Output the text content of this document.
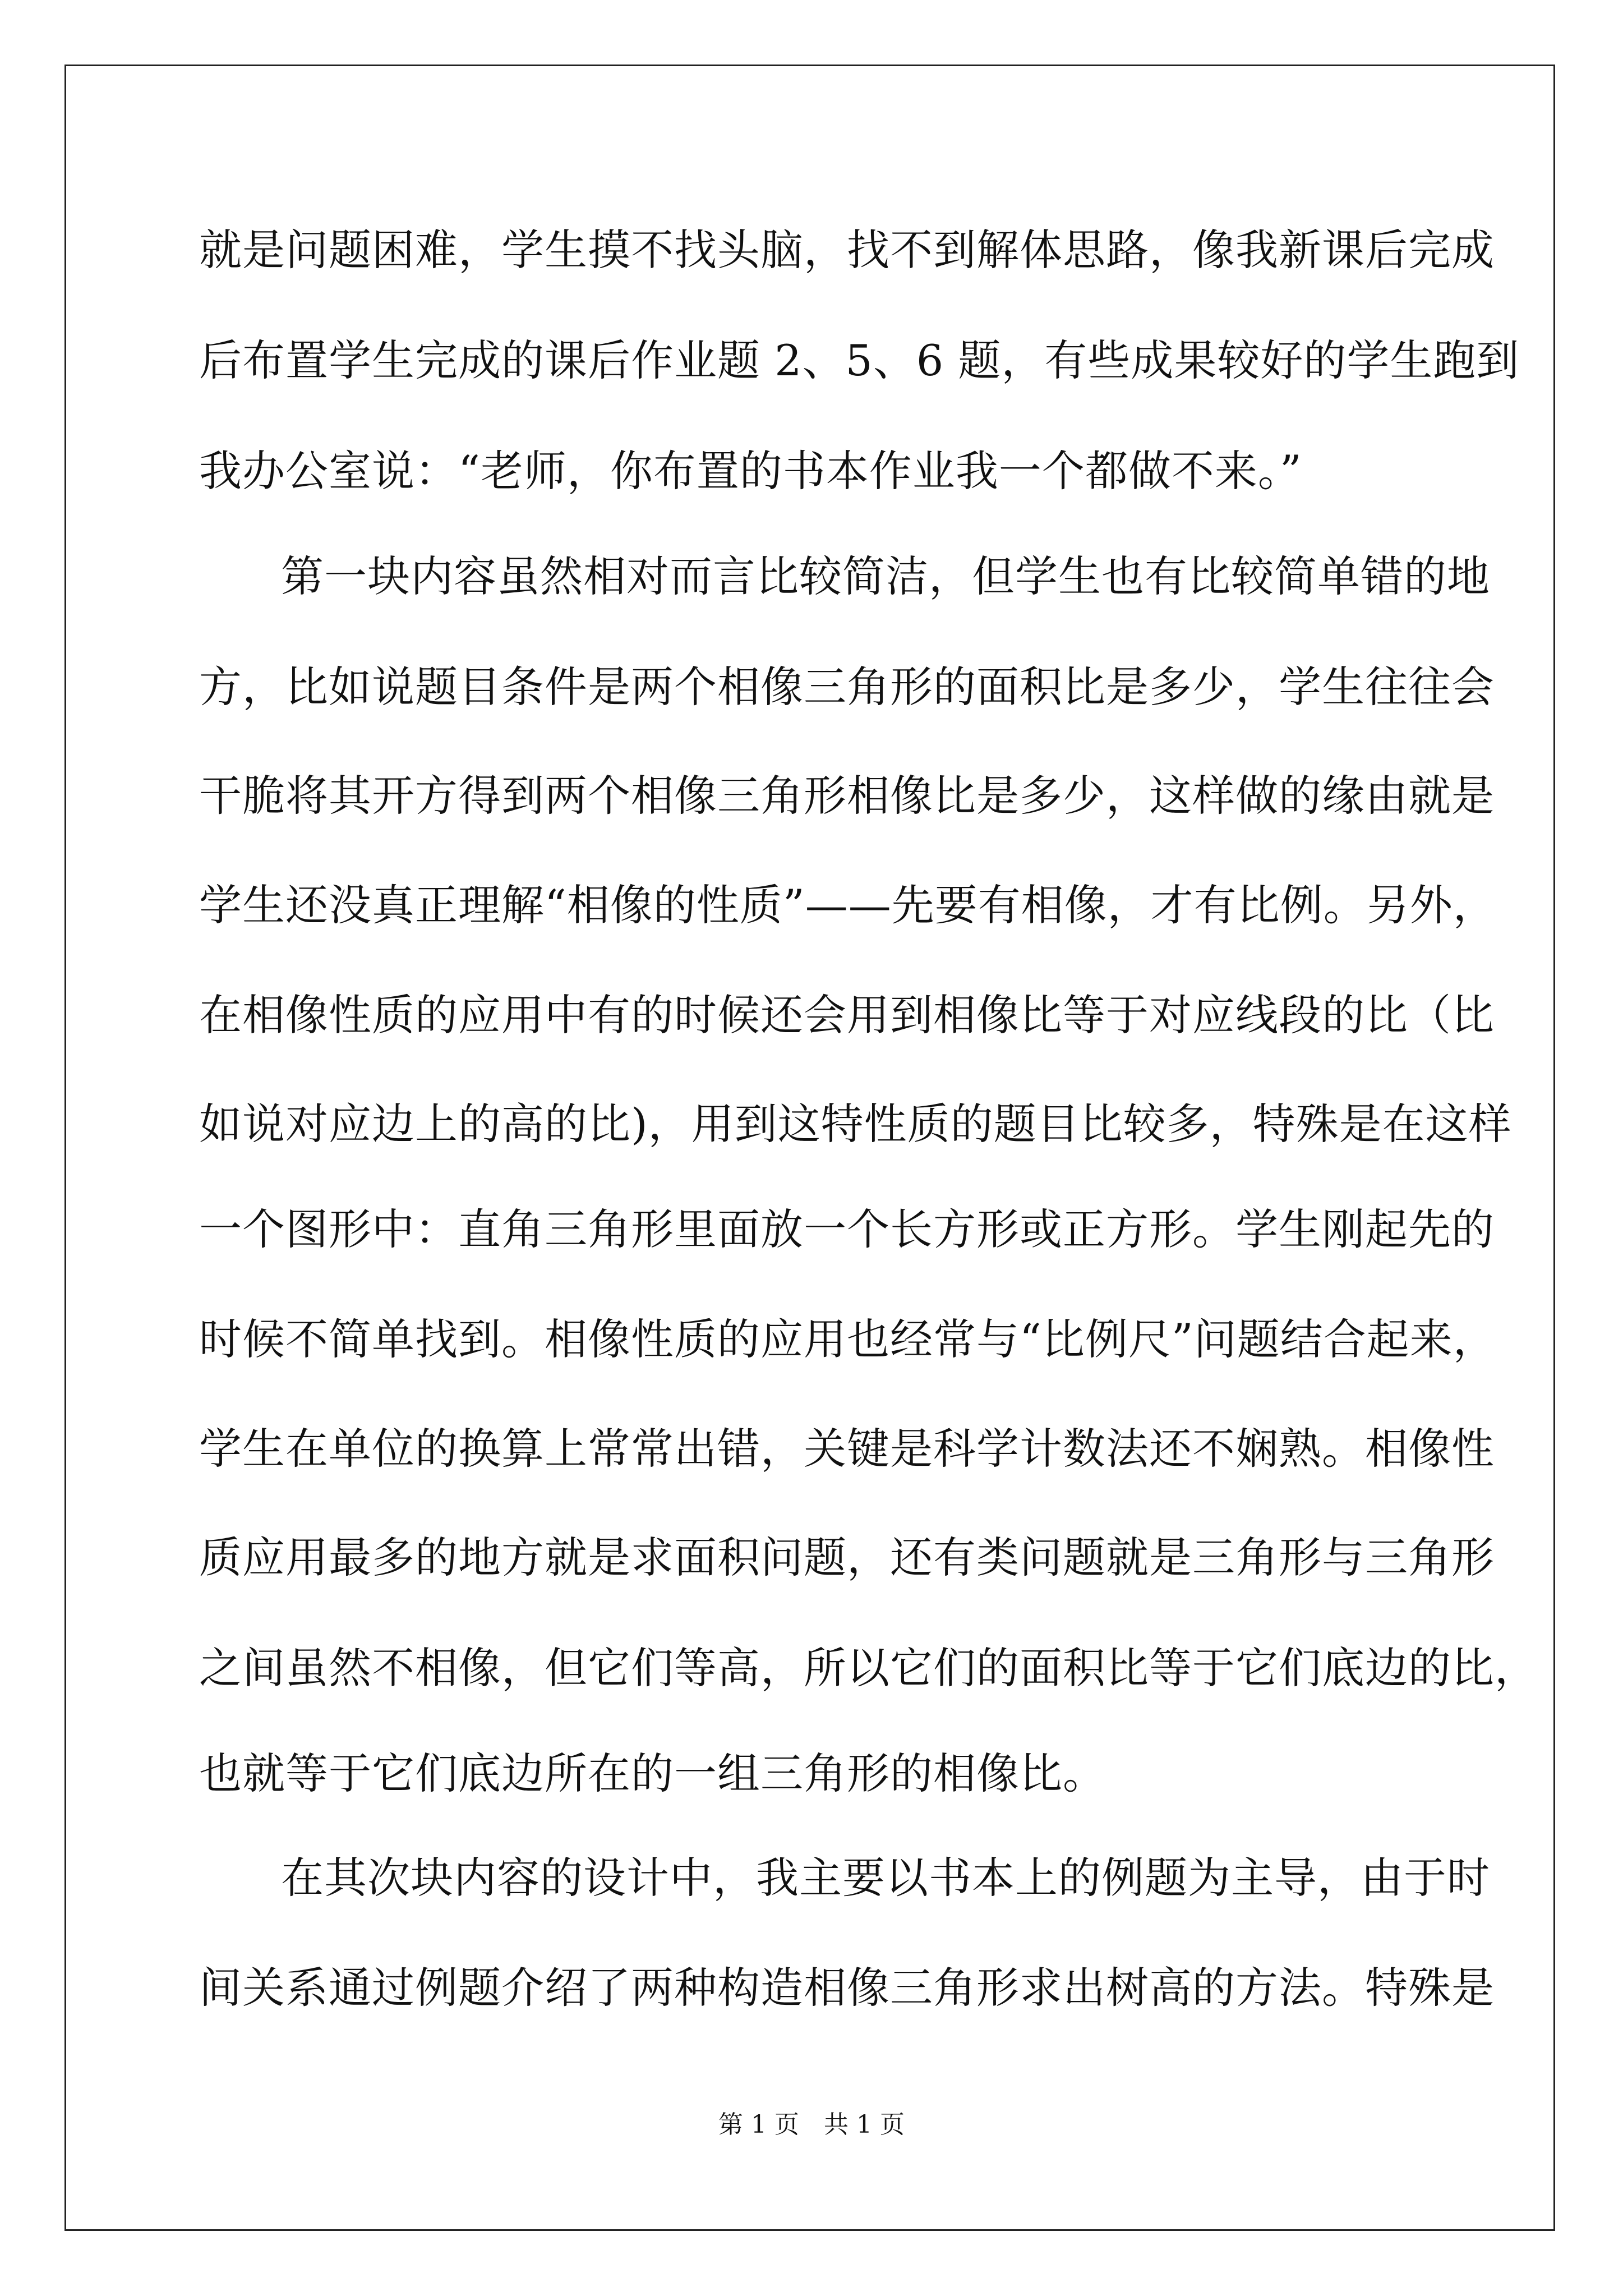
就是问题困难，学生摸不找头脑，找不到解体思路，像我新课后完成
后布置学生完成的课后作业题 2、5、6 题，有些成果较好的学生跑到
我办公室说：“老师，你布置的书本作业我一个都做不来。”
第一块内容虽然相对而言比较简洁，但学生也有比较简单错的地
方，比如说题目条件是两个相像三角形的面积比是多少，学生往往会
干脆将其开方得到两个相像三角形相像比是多少，这样做的缘由就是
学生还没真正理解“相像的性质”——先要有相像，才有比例。另外，
在相像性质的应用中有的时候还会用到相像比等于对应线段的比（比
如说对应边上的高的比)，用到这特性质的题目比较多，特殊是在这样
一个图形中：直角三角形里面放一个长方形或正方形。学生刚起先的
时候不简单找到。相像性质的应用也经常与“比例尺”问题结合起来，
学生在单位的换算上常常出错，关键是科学计数法还不娴熟。相像性
质应用最多的地方就是求面积问题，还有类问题就是三角形与三角形
之间虽然不相像，但它们等高，所以它们的面积比等于它们底边的比，
也就等于它们底边所在的一组三角形的相像比。
在其次块内容的设计中，我主要以书本上的例题为主导，由于时
间关系通过例题介绍了两种构造相像三角形求出树高的方法。特殊是
第 1 页　共 1 页
